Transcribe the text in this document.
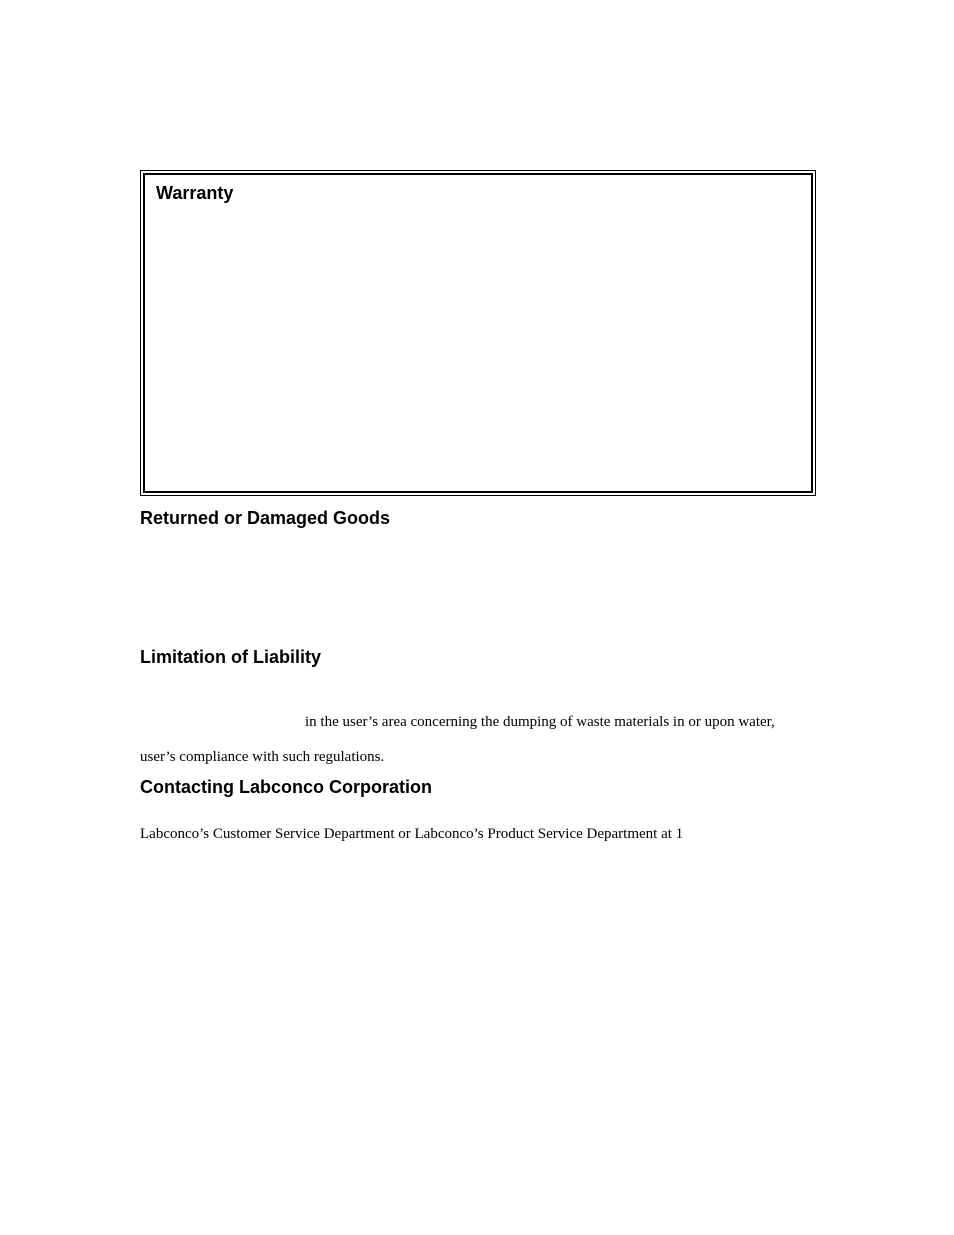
Warranty
Returned or Damaged Goods
Limitation of Liability

in the user’s area concerning the dumping of waste materials in or upon water,

user’s compliance with such regulations.

Contacting Labconco Corporation

Labconco’s Customer Service Department or Labconco’s Product Service Department at 1
